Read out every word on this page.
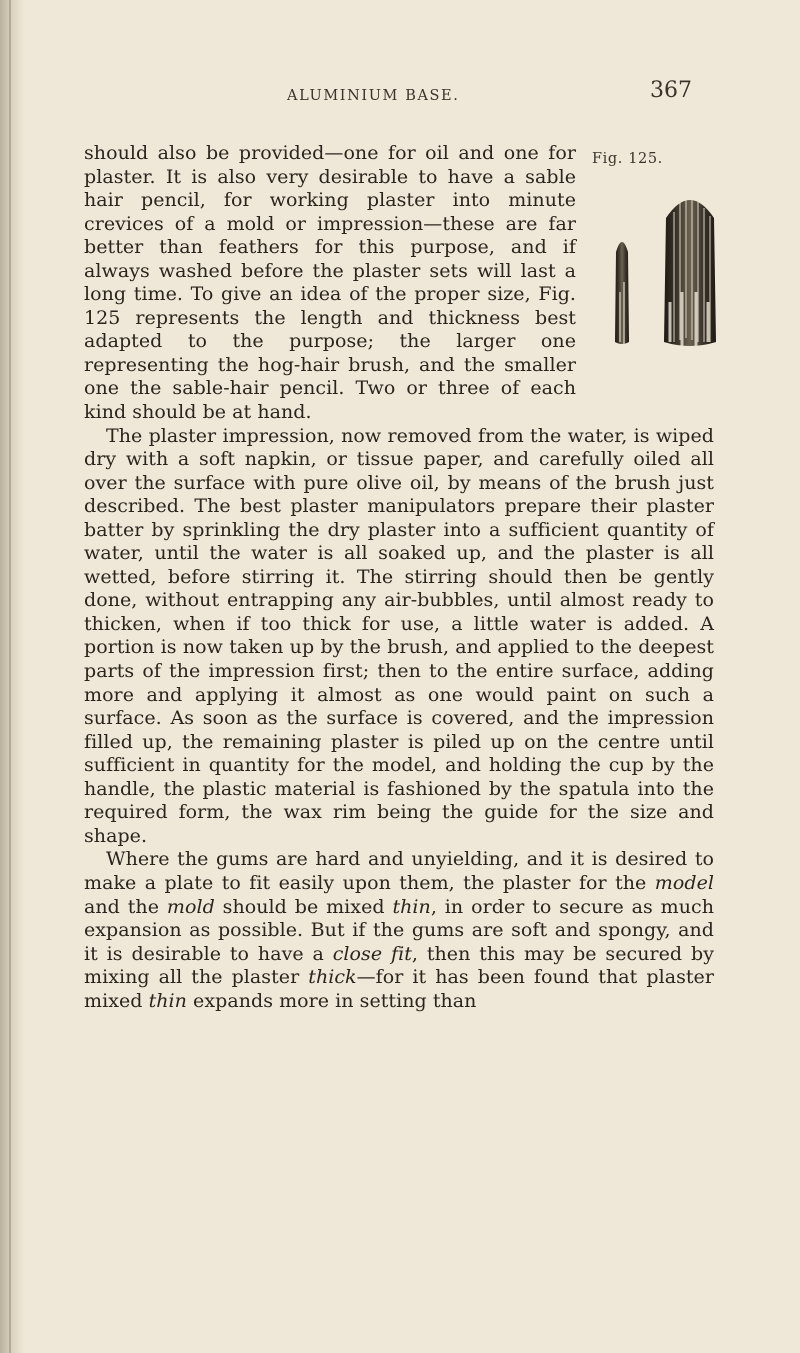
ALUMINIUM BASE.	367
Fig. 125.

should also be provided—one for oil and one for plaster. It is also very desirable to have a sable hair pencil, for working plaster into minute crevices of a mold or impression—these are far better than feathers for this purpose, and if always washed before the plaster sets will last a long time. To give an idea of the proper size, Fig. 125 represents the length and thickness best adapted to the purpose; the larger one representing the hog-hair brush, and the smaller one the sable-hair pencil. Two or three of each kind should be at hand.

The plaster impression, now removed from the water, is wiped dry with a soft napkin, or tissue paper, and carefully oiled all over the surface with pure olive oil, by means of the brush just described. The best plaster manipulators prepare their plaster batter by sprinkling the dry plaster into a sufficient quantity of water, until the water is all soaked up, and the plaster is all wetted, before stirring it. The stirring should then be gently done, without entrapping any air-bubbles, until almost ready to thicken, when if too thick for use, a little water is added. A portion is now taken up by the brush, and applied to the deepest parts of the impression first; then to the entire surface, adding more and applying it almost as one would paint on such a surface. As soon as the surface is covered, and the impression filled up, the remaining plaster is piled up on the centre until sufficient in quantity for the model, and holding the cup by the handle, the plastic material is fashioned by the spatula into the required form, the wax rim being the guide for the size and shape.

Where the gums are hard and unyielding, and it is desired to make a plate to fit easily upon them, the plaster for the model and the mold should be mixed thin, in order to secure as much expansion as possible. But if the gums are soft and spongy, and it is desirable to have a close fit, then this may be secured by mixing all the plaster thick—for it has been found that plaster mixed thin expands more in setting than
